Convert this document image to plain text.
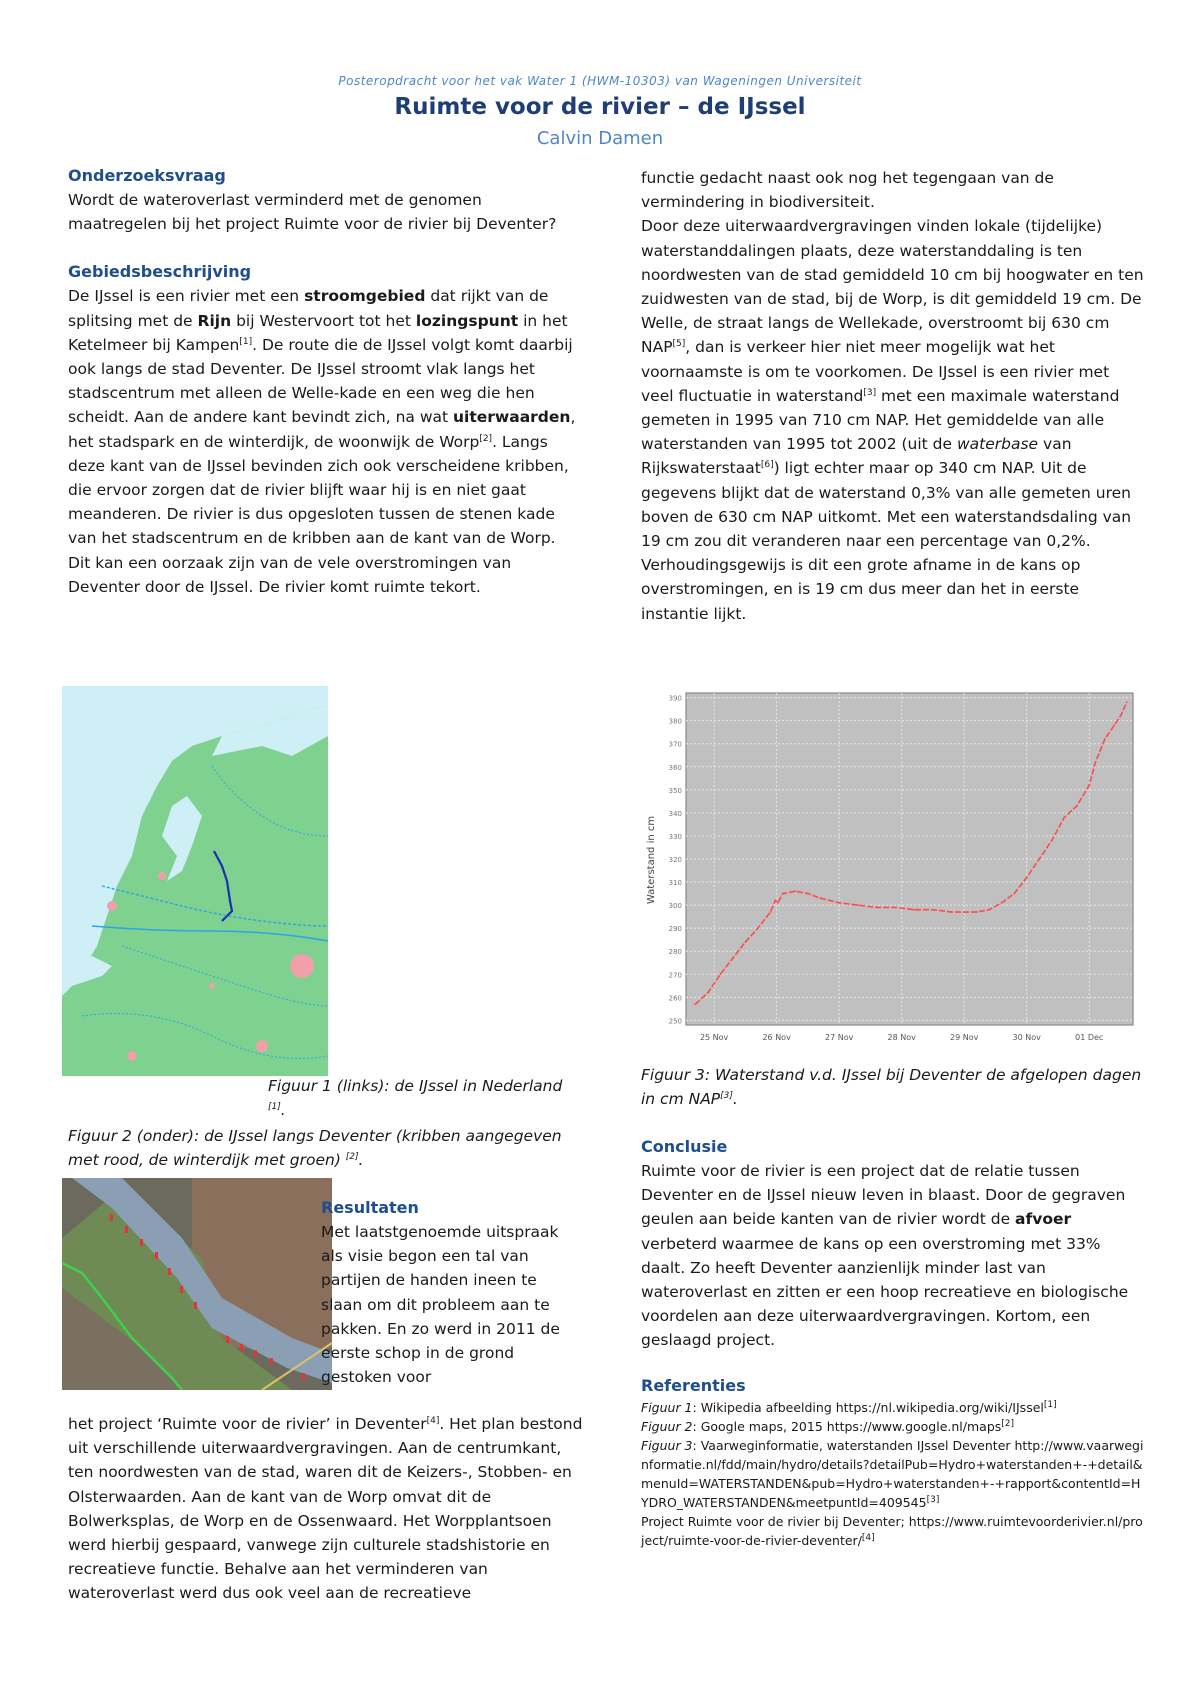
Posteropdracht voor het vak Water 1 (HWM-10303) van Wageningen Universiteit
Ruimte voor de rivier – de IJssel
Calvin Damen
Onderzoeksvraag

Wordt de wateroverlast verminderd met de genomen maatregelen bij het project Ruimte voor de rivier bij Deventer?

Gebiedsbeschrijving

De IJssel is een rivier met een stroomgebied dat rijkt van de splitsing met de Rijn bij Westervoort tot het lozingspunt in het Ketelmeer bij Kampen[1]. De route die de IJssel volgt komt daarbij ook langs de stad Deventer. De IJssel stroomt vlak langs het stadscentrum met alleen de Welle-kade en een weg die hen scheidt. Aan de andere kant bevindt zich, na wat uiterwaarden, het stadspark en de winterdijk, de woonwijk de Worp[2]. Langs deze kant van de IJssel bevinden zich ook verscheidene kribben, die ervoor zorgen dat de rivier blijft waar hij is en niet gaat meanderen. De rivier is dus opgesloten tussen de stenen kade van het stadscentrum en de kribben aan de kant van de Worp. Dit kan een oorzaak zijn van de vele overstromingen van Deventer door de IJssel. De rivier komt ruimte tekort.

Figuur 1 (links): de IJssel in Nederland [1].
Figuur 2 (onder): de IJssel langs Deventer (kribben aangegeven met rood, de winterdijk met groen) [2].
Resultaten

Met laatstgenoemde uitspraak als visie begon een tal van partijen de handen ineen te slaan om dit probleem aan te pakken. En zo werd in 2011 de eerste schop in de grond gestoken voor

het project ‘Ruimte voor de rivier’ in Deventer[4]. Het plan bestond uit verschillende uiterwaardvergravingen. Aan de centrumkant, ten noordwesten van de stad, waren dit de Keizers-, Stobben- en Olsterwaarden. Aan de kant van de Worp omvat dit de Bolwerksplas, de Worp en de Ossenwaard. Het Worpplantsoen werd hierbij gespaard, vanwege zijn culturele stadshistorie en recreatieve functie. Behalve aan het verminderen van wateroverlast werd dus ook veel aan de recreatieve

functie gedacht naast ook nog het tegengaan van de vermindering in biodiversiteit.

Door deze uiterwaardvergravingen vinden lokale (tijdelijke) waterstanddalingen plaats, deze waterstanddaling is ten noordwesten van de stad gemiddeld 10 cm bij hoogwater en ten zuidwesten van de stad, bij de Worp, is dit gemiddeld 19 cm. De Welle, de straat langs de Wellekade, overstroomt bij 630 cm NAP[5], dan is verkeer hier niet meer mogelijk wat het voornaamste is om te voorkomen. De IJssel is een rivier met veel fluctuatie in waterstand[3] met een maximale waterstand gemeten in 1995 van 710 cm NAP. Het gemiddelde van alle waterstanden van 1995 tot 2002 (uit de waterbase van Rijkswaterstaat[6]) ligt echter maar op 340 cm NAP. Uit de gegevens blijkt dat de waterstand 0,3% van alle gemeten uren boven de 630 cm NAP uitkomt. Met een waterstandsdaling van 19 cm zou dit veranderen naar een percentage van 0,2%. Verhoudingsgewijs is dit een grote afname in de kans op overstromingen, en is 19 cm dus meer dan het in eerste instantie lijkt.

250
260
270
280
290
300
310
320
330
340
350
360
370
380
390
25 Nov	26 Nov	27 Nov	28 Nov	29 Nov	30 Nov	01 Dec
Waterstand in cm
Figuur 3: Waterstand v.d. IJssel bij Deventer de afgelopen dagen in cm NAP[3].
Conclusie

Ruimte voor de rivier is een project dat de relatie tussen Deventer en de IJssel nieuw leven in blaast. Door de gegraven geulen aan beide kanten van de rivier wordt de afvoer verbeterd waarmee de kans op een overstroming met 33% daalt. Zo heeft Deventer aanzienlijk minder last van wateroverlast en zitten er een hoop recreatieve en biologische voordelen aan deze uiterwaardvergravingen. Kortom, een geslaagd project.

Referenties

Figuur 1: Wikipedia afbeelding https://nl.wikipedia.org/wiki/IJssel[1]

Figuur 2: Google maps, 2015 https://www.google.nl/maps[2]

Figuur 3: Vaarweginformatie, waterstanden IJssel Deventer http://www.vaarweginformatie.nl/fdd/main/hydro/details?detailPub=Hydro+waterstanden+-+detail&menuId=WATERSTANDEN&pub=Hydro+waterstanden+-+rapport&contentId=HYDRO_WATERSTANDEN&meetpuntId=409545[3]

Project Ruimte voor de rivier bij Deventer; https://www.ruimtevoorderivier.nl/project/ruimte-voor-de-rivier-deventer/[4]
